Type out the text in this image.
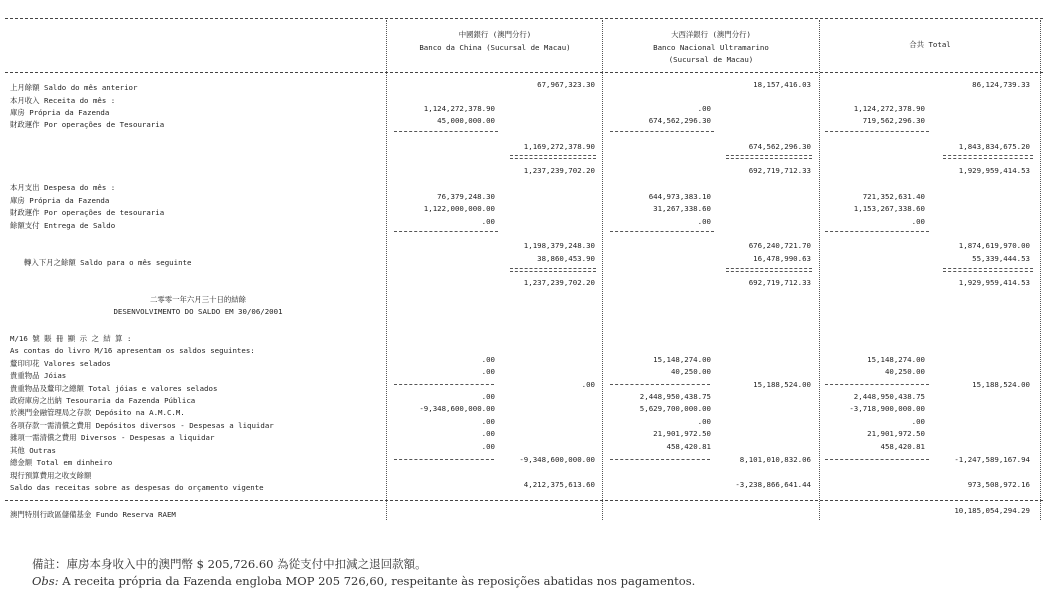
中國銀行 (澳門分行)
Banco da China (Sucursal de Macau)
大西洋銀行 (澳門分行)
Banco Nacional Ultramarino
(Sucursal de Macau)
合共 Total
上月餘額 Saldo do mês anterior
本月收入 Receita do mês :
庫房 Própria da Fazenda
財政運作 Por operações de Tesouraria
本月支出 Despesa do mês :
庫房 Própria da Fazenda
財政運作 Por operações de tesouraria
餘額支付 Entrega de Saldo
轉入下月之餘額 Saldo para o mês seguinte
二零零一年六月三十日的結餘
DESENVOLVIMENTO DO SALDO EM 30/06/2001
M/16 號 賬 冊 顯 示 之 結 算 :
As contas do livro M/16 apresentam os saldos seguintes:
釐印印花 Valores selados
貴重物品 Jóias
貴重物品及釐印之總額 Total jóias e valores selados
政府庫房之出納 Tesouraria da Fazenda Pública
於澳門金融管理局之存款 Depósito na A.M.C.M.
各項存款一需清償之費用 Depósitos diversos - Despesas a liquidar
雜項一需清償之費用 Diversos - Despesas a liquidar
其他 Outras
總金額 Total em dinheiro
現行預算費用之收支餘額
Saldo das receitas sobre as despesas do orçamento vigente
澳門特別行政區儲備基金 Fundo Reserva RAEM
67,967,323.30
1,124,272,378.90
45,000,000.00
1,169,272,378.90
1,237,239,702.20
76,379,248.30
1,122,000,000.00
.00
1,198,379,248.30
38,860,453.90
1,237,239,702.20
.00
.00
.00
.00
-9,348,600,000.00
.00
.00
.00
-9,348,600,000.00
4,212,375,613.60
18,157,416.03
.00
674,562,296.30
674,562,296.30
692,719,712.33
644,973,383.10
31,267,338.60
.00
676,240,721.70
16,478,990.63
692,719,712.33
15,148,274.00
40,250.00
15,188,524.00
2,448,950,438.75
5,629,700,000.00
.00
21,901,972.50
458,420.81
8,101,010,832.06
-3,238,866,641.44
86,124,739.33
1,124,272,378.90
719,562,296.30
1,843,834,675.20
1,929,959,414.53
721,352,631.40
1,153,267,338.60
.00
1,874,619,970.00
55,339,444.53
1,929,959,414.53
15,148,274.00
40,250.00
15,188,524.00
2,448,950,438.75
-3,718,900,000.00
.00
21,901,972.50
458,420.81
-1,247,589,167.94
973,508,972.16
10,185,054,294.29
備註：庫房本身收入中的澳門幣 $ 205,726.60 為從支付中扣減之退回款額。
Obs: A receita própria da Fazenda engloba MOP 205 726,60, respeitante às reposições abatidas nos pagamentos.
